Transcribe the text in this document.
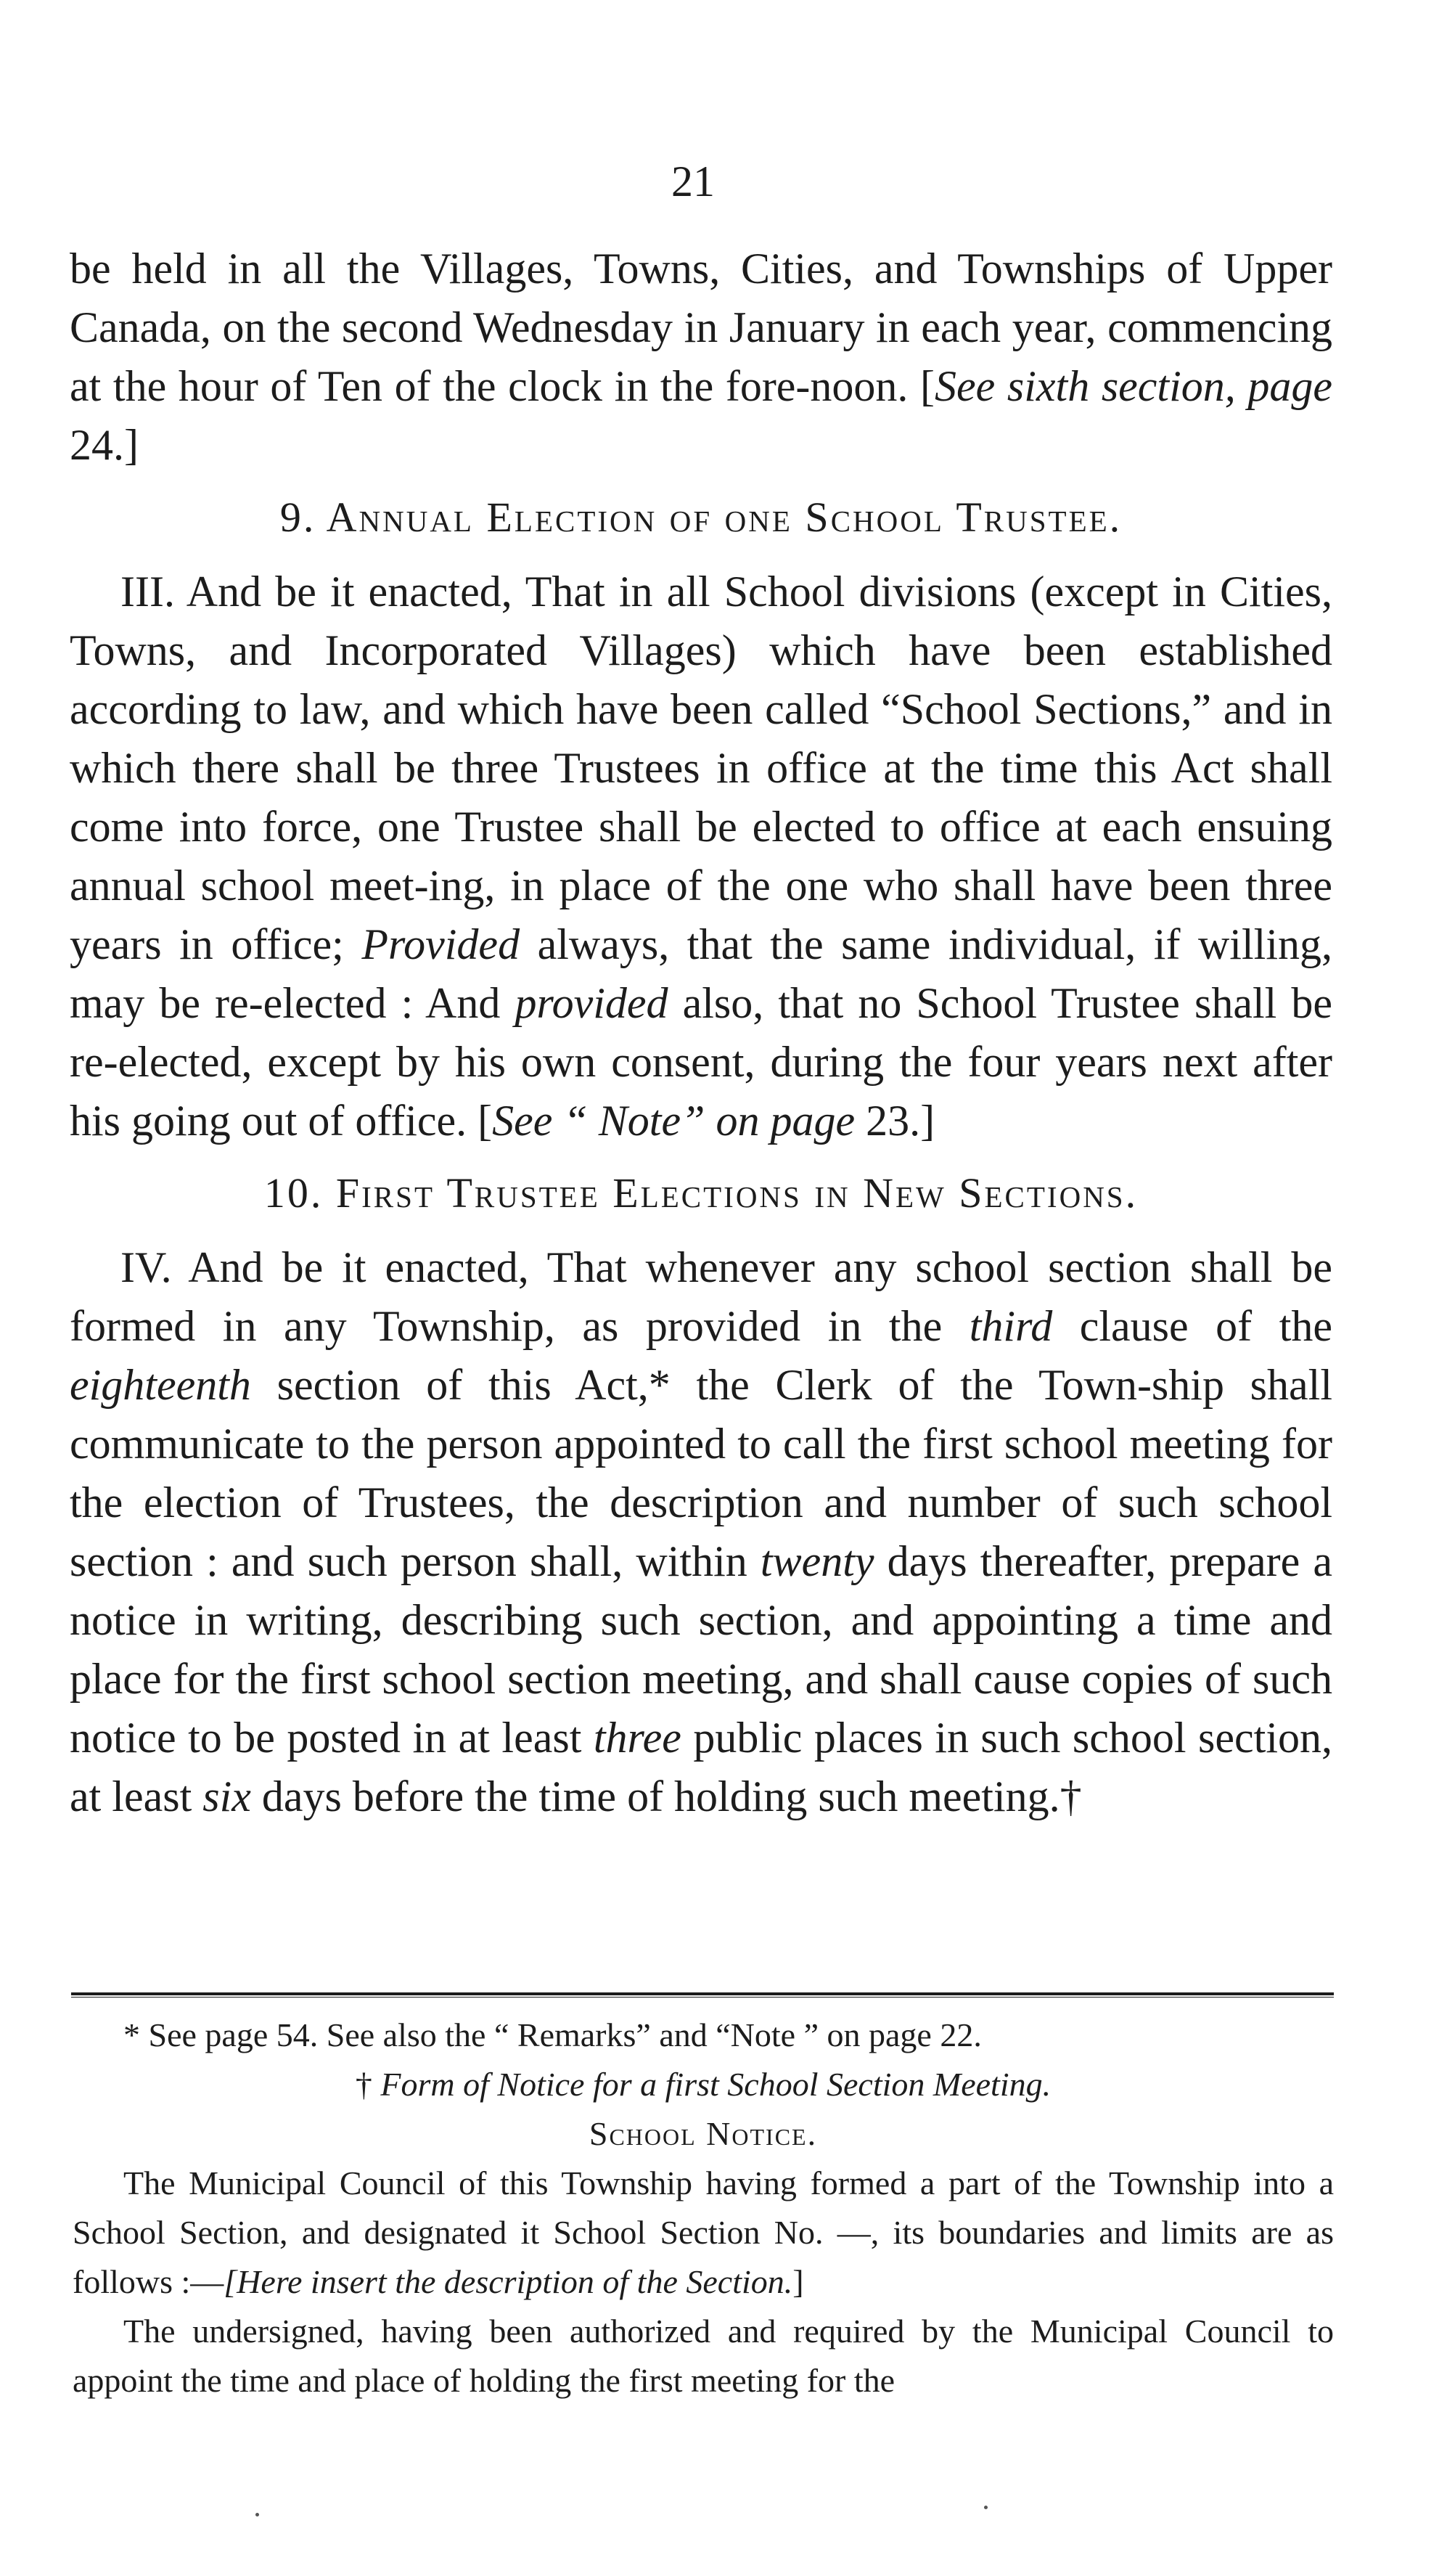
21

be held in all the Villages, Towns, Cities, and Townships of Upper Canada, on the second Wednesday in January in each year, commencing at the hour of Ten of the clock in the fore-noon. [See sixth section, page 24.]

9. Annual Election of one School Trustee.

III. And be it enacted, That in all School divisions (except in Cities, Towns, and Incorporated Villages) which have been established according to law, and which have been called “School Sections,” and in which there shall be three Trustees in office at the time this Act shall come into force, one Trustee shall be elected to office at each ensuing annual school meet-ing, in place of the one who shall have been three years in office; Provided always, that the same individual, if willing, may be re-elected : And provided also, that no School Trustee shall be re-elected, except by his own consent, during the four years next after his going out of office. [See “ Note” on page 23.]

10. First Trustee Elections in New Sections.

IV. And be it enacted, That whenever any school section shall be formed in any Township, as provided in the third clause of the eighteenth section of this Act,* the Clerk of the Town-ship shall communicate to the person appointed to call the first school meeting for the election of Trustees, the description and number of such school section : and such person shall, within twenty days thereafter, prepare a notice in writing, describing such section, and appointing a time and place for the first school section meeting, and shall cause copies of such notice to be posted in at least three public places in such school section, at least six days before the time of holding such meeting.†

* See page 54. See also the “ Remarks” and “Note ” on page 22.

† Form of Notice for a first School Section Meeting.

School Notice.

The Municipal Council of this Township having formed a part of the Township into a School Section, and designated it School Section No. —, its boundaries and limits are as follows :—[Here insert the description of the Section.]

The undersigned, having been authorized and required by the Municipal Council to appoint the time and place of holding the first meeting for the
